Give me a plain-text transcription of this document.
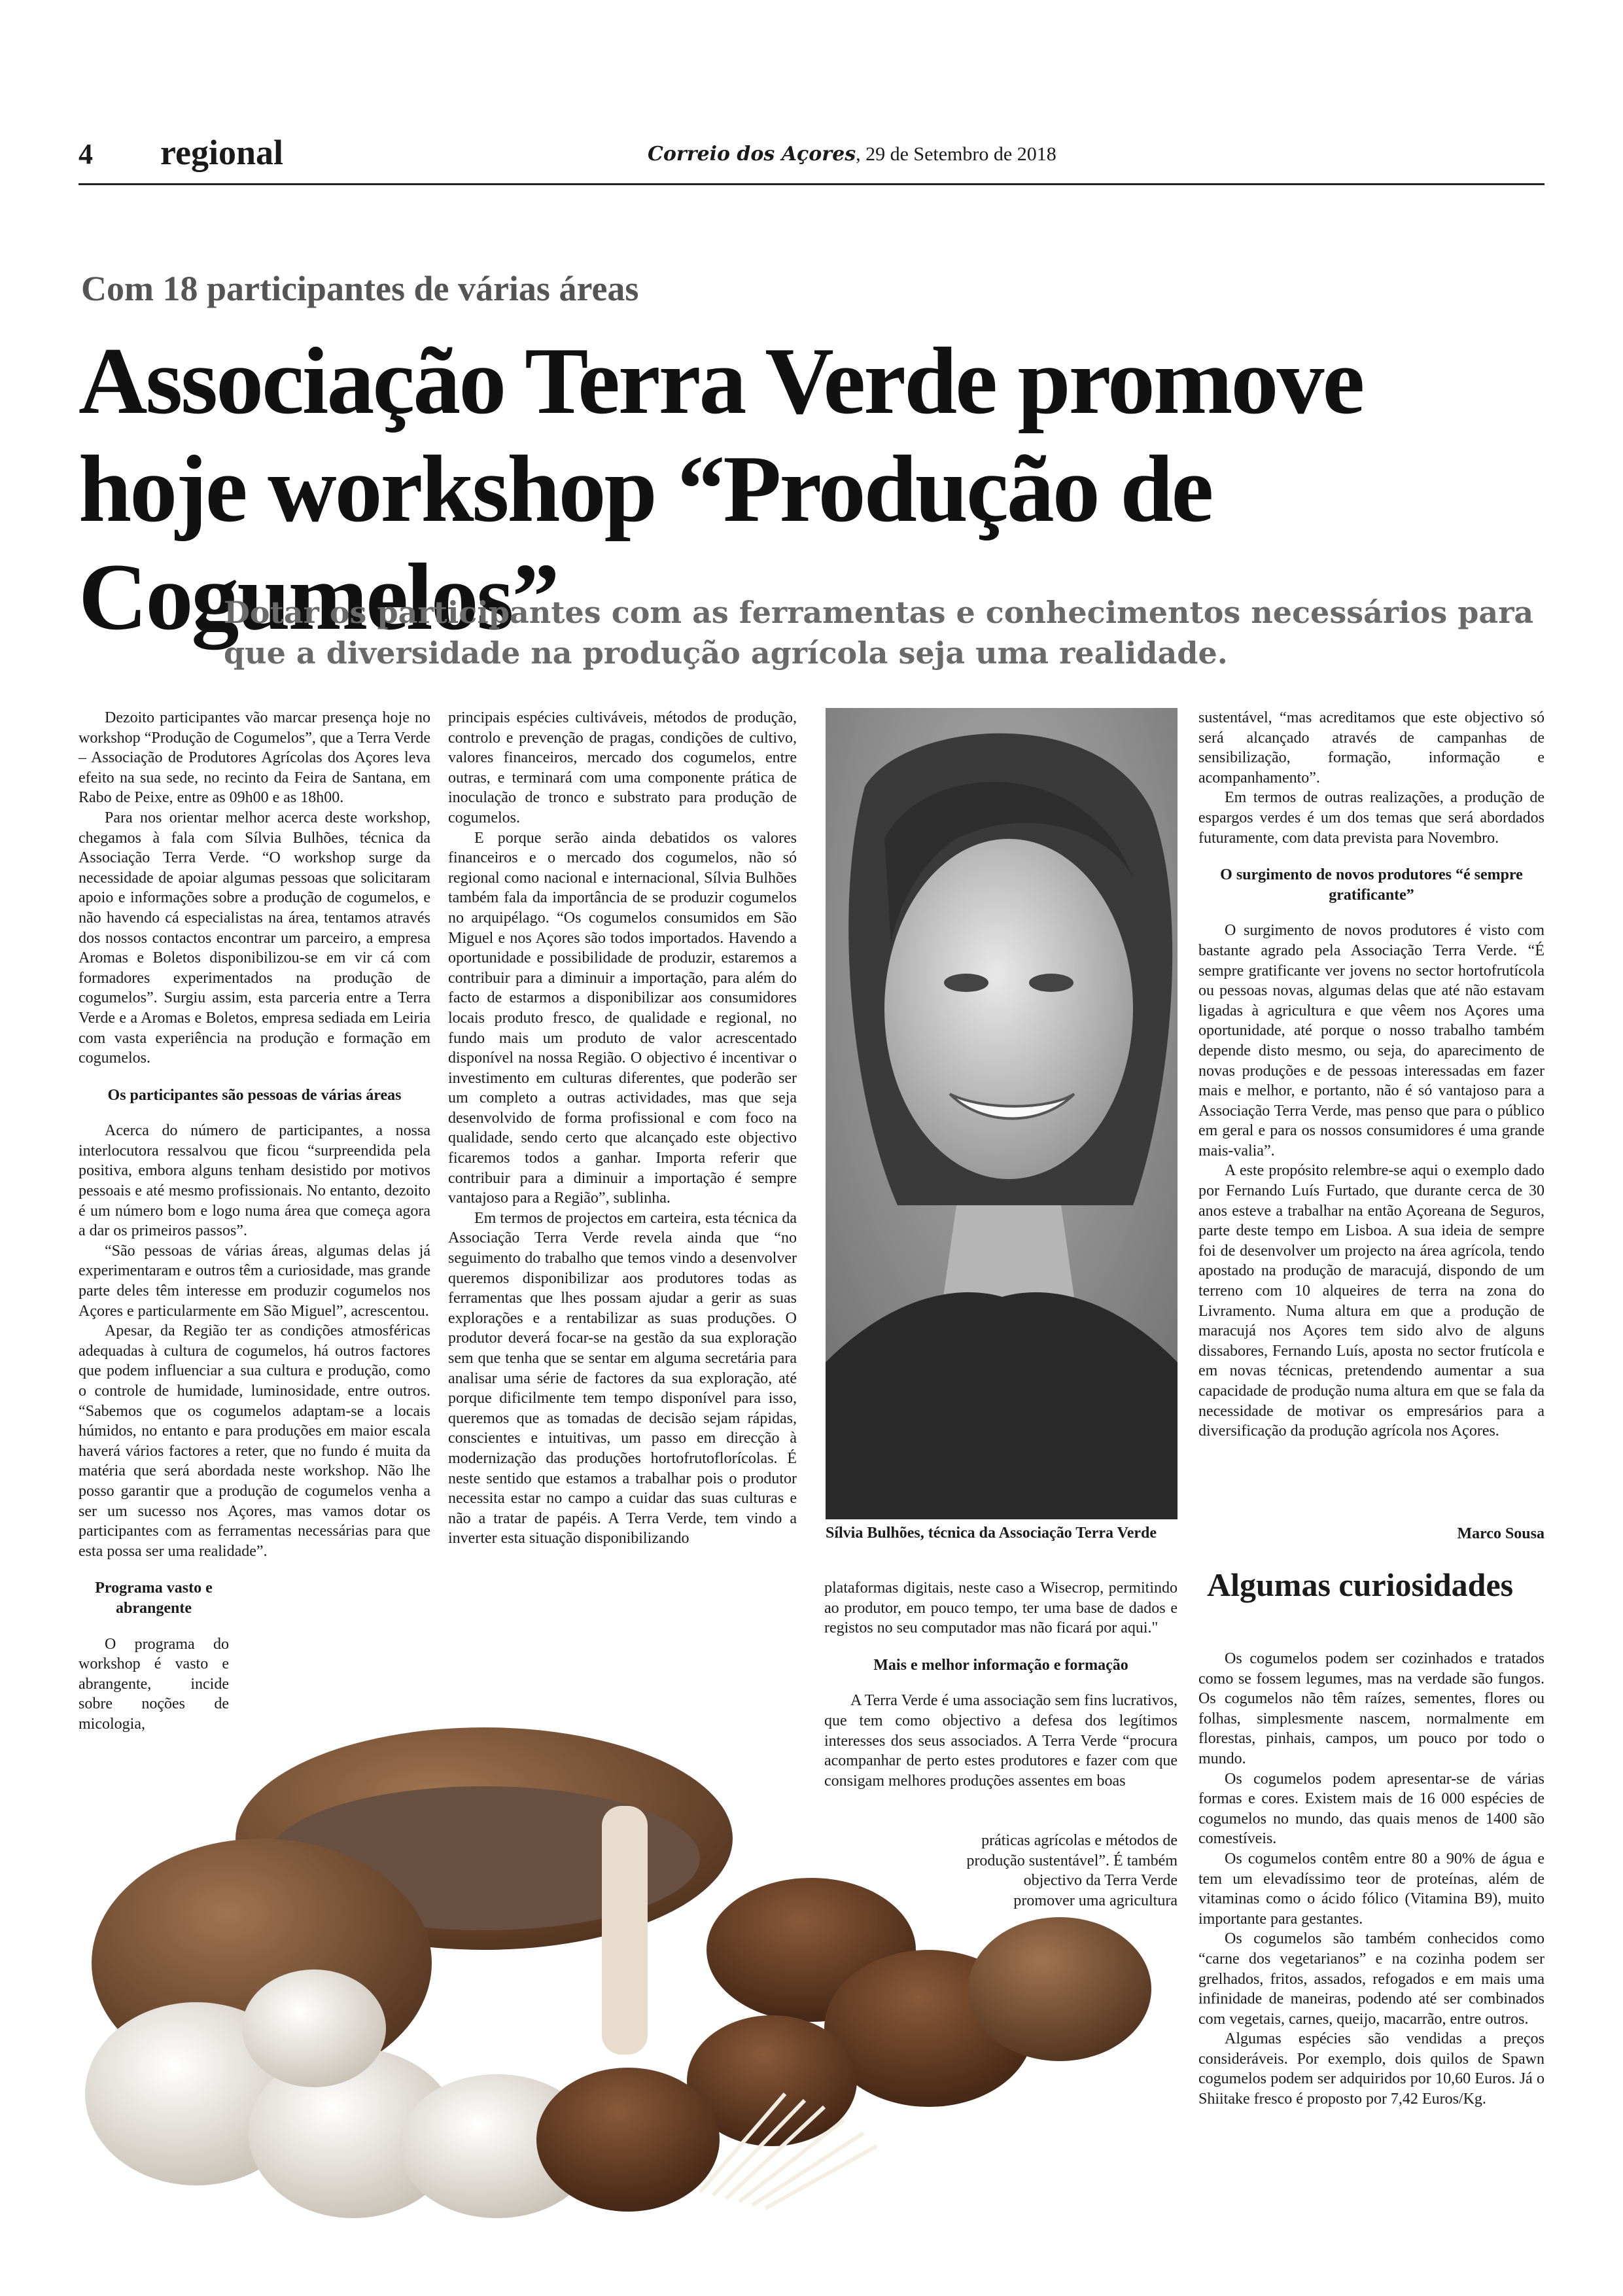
4 regional	Correio dos Açores, 29 de Setembro de 2018
Com 18 participantes de várias áreas
Associação Terra Verde promove hoje workshop “Produção de Cogumelos”
Dotar os participantes com as ferramentas e conhecimentos necessários para que a diversidade na produção agrícola seja uma realidade.

Dezoito participantes vão marcar presença hoje no workshop “Produção de Cogumelos”, que a Terra Verde – Associação de Produtores Agrícolas dos Açores leva efeito na sua sede, no recinto da Feira de Santana, em Rabo de Peixe, entre as 09h00 e as 18h00.

Para nos orientar melhor acerca deste workshop, chegamos à fala com Sílvia Bulhões, técnica da Associação Terra Verde. “O workshop surge da necessidade de apoiar algumas pessoas que solicitaram apoio e informações sobre a produção de cogumelos, e não havendo cá especialistas na área, tentamos através dos nossos contactos encontrar um parceiro, a empresa Aromas e Boletos disponibilizou-se em vir cá com formadores experimentados na produção de cogumelos”. Surgiu assim, esta parceria entre a Terra Verde e a Aromas e Boletos, empresa sediada em Leiria com vasta experiência na produção e formação em cogumelos.

Os participantes são pessoas de várias áreas

Acerca do número de participantes, a nossa interlocutora ressalvou que ficou “surpreendida pela positiva, embora alguns tenham desistido por motivos pessoais e até mesmo profissionais. No entanto, dezoito é um número bom e logo numa área que começa agora a dar os primeiros passos”.

“São pessoas de várias áreas, algumas delas já experimentaram e outros têm a curiosidade, mas grande parte deles têm interesse em produzir cogumelos nos Açores e particularmente em São Miguel”, acrescentou.

Apesar, da Região ter as condições atmosféricas adequadas à cultura de cogumelos, há outros factores que podem influenciar a sua cultura e produção, como o controle de humidade, luminosidade, entre outros. “Sabemos que os cogumelos adaptam-se a locais húmidos, no entanto e para produções em maior escala haverá vários factores a reter, que no fundo é muita da matéria que será abordada neste workshop. Não lhe posso garantir que a produção de cogumelos venha a ser um sucesso nos Açores, mas vamos dotar os participantes com as ferramentas necessárias para que esta possa ser uma realidade”.

Programa vasto e abrangente

O programa do workshop é vasto e abrangente, incide sobre noções de micologia,

principais espécies cultiváveis, métodos de produção, controlo e prevenção de pragas, condições de cultivo, valores financeiros, mercado dos cogumelos, entre outras, e terminará com uma componente prática de inoculação de tronco e substrato para produção de cogumelos.

E porque serão ainda debatidos os valores financeiros e o mercado dos cogumelos, não só regional como nacional e internacional, Sílvia Bulhões também fala da importância de se produzir cogumelos no arquipélago. “Os cogumelos consumidos em São Miguel e nos Açores são todos importados. Havendo a oportunidade e possibilidade de produzir, estaremos a contribuir para a diminuir a importação, para além do facto de estarmos a disponibilizar aos consumidores locais produto fresco, de qualidade e regional, no fundo mais um produto de valor acrescentado disponível na nossa Região. O objectivo é incentivar o investimento em culturas diferentes, que poderão ser um completo a outras actividades, mas que seja desenvolvido de forma profissional e com foco na qualidade, sendo certo que alcançado este objectivo ficaremos todos a ganhar. Importa referir que contribuir para a diminuir a importação é sempre vantajoso para a Região”, sublinha.

Em termos de projectos em carteira, esta técnica da Associação Terra Verde revela ainda que “no seguimento do trabalho que temos vindo a desenvolver queremos disponibilizar aos produtores todas as ferramentas que lhes possam ajudar a gerir as suas explorações e a rentabilizar as suas produções. O produtor deverá focar-se na gestão da sua exploração sem que tenha que se sentar em alguma secretária para analisar uma série de factores da sua exploração, até porque dificilmente tem tempo disponível para isso, queremos que as tomadas de decisão sejam rápidas, conscientes e intuitivas, um passo em direcção à modernização das produções hortofrutoflorícolas. É neste sentido que estamos a trabalhar pois o produtor necessita estar no campo a cuidar das suas culturas e não a tratar de papéis. A Terra Verde, tem vindo a inverter esta situação disponibilizando	Sílvia Bulhões, técnica da Associação Terra Verde

plataformas digitais, neste caso a Wisecrop, permitindo ao produtor, em pouco tempo, ter uma base de dados e registos no seu computador mas não ficará por aqui."

Mais e melhor informação e formação

A Terra Verde é uma associação sem fins lucrativos, que tem como objectivo a defesa dos legítimos interesses dos seus associados. A Terra Verde “procura acompanhar de perto estes produtores e fazer com que consigam melhores produções assentes em boas

práticas agrícolas e métodos de produção sustentável”. É também objectivo da Terra Verde promover uma agricultura

sustentável, “mas acreditamos que este objectivo só será alcançado através de campanhas de sensibilização, formação, informação e acompanhamento”.

Em termos de outras realizações, a produção de espargos verdes é um dos temas que será abordados futuramente, com data prevista para Novembro.

O surgimento de novos produtores “é sempre gratificante”

O surgimento de novos produtores é visto com bastante agrado pela Associação Terra Verde. “É sempre gratificante ver jovens no sector hortofrutícola ou pessoas novas, algumas delas que até não estavam ligadas à agricultura e que vêem nos Açores uma oportunidade, até porque o nosso trabalho também depende disto mesmo, ou seja, do aparecimento de novas produções e de pessoas interessadas em fazer mais e melhor, e portanto, não é só vantajoso para a Associação Terra Verde, mas penso que para o público em geral e para os nossos consumidores é uma grande mais-valia”.

A este propósito relembre-se aqui o exemplo dado por Fernando Luís Furtado, que durante cerca de 30 anos esteve a trabalhar na então Açoreana de Seguros, parte deste tempo em Lisboa. A sua ideia de sempre foi de desenvolver um projecto na área agrícola, tendo apostado na produção de maracujá, dispondo de um terreno com 10 alqueires de terra na zona do Livramento. Numa altura em que a produção de maracujá nos Açores tem sido alvo de alguns dissabores, Fernando Luís, aposta no sector frutícola e em novas técnicas, pretendendo aumentar a sua capacidade de produção numa altura em que se fala da necessidade de motivar os empresários para a diversificação da produção agrícola nos Açores.

Marco Sousa
Algumas curiosidades

Os cogumelos podem ser cozinhados e tratados como se fossem legumes, mas na verdade são fungos. Os cogumelos não têm raízes, sementes, flores ou folhas, simplesmente nascem, normalmente em florestas, pinhais, campos, um pouco por todo o mundo.

Os cogumelos podem apresentar-se de várias formas e cores. Existem mais de 16 000 espécies de cogumelos no mundo, das quais menos de 1400 são comestíveis.

Os cogumelos contêm entre 80 a 90% de água e tem um elevadíssimo teor de proteínas, além de vitaminas como o ácido fólico (Vitamina B9), muito importante para gestantes.

Os cogumelos são também conhecidos como “carne dos vegetarianos” e na cozinha podem ser grelhados, fritos, assados, refogados e em mais uma infinidade de maneiras, podendo até ser combinados com vegetais, carnes, queijo, macarrão, entre outros.

Algumas espécies são vendidas a preços consideráveis. Por exemplo, dois quilos de Spawn cogumelos podem ser adquiridos por 10,60 Euros. Já o Shiitake fresco é proposto por 7,42 Euros/Kg.
